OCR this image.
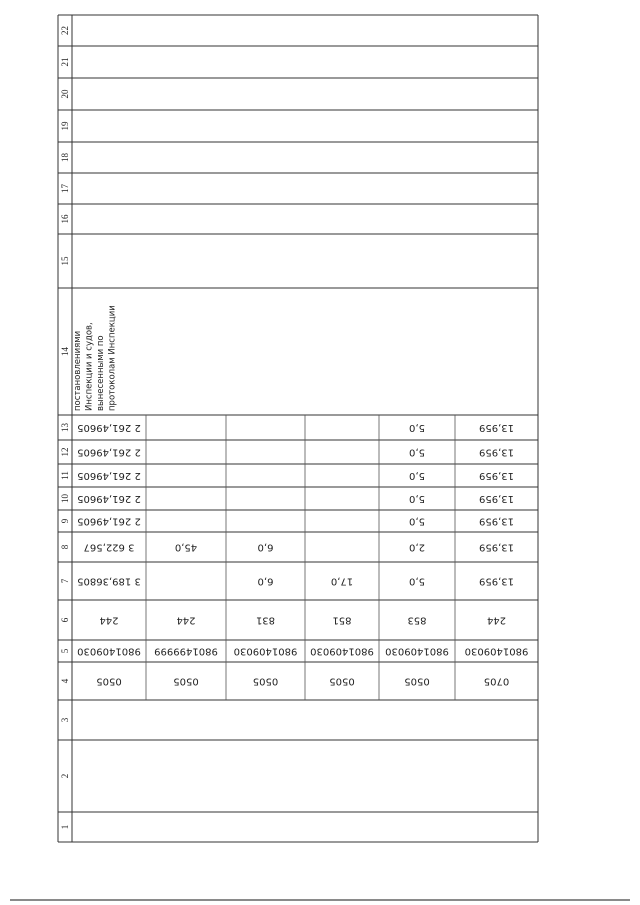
1
2
3
4
5
6
7
8
9
10
11
12
13
14
15
16
17
18
19
20
21
22
постановлениями Инспекции и судов, вынесенными по протоколам Инспекции
0505
9801409030
244
3 189,36805
3 622,567
2 261,49605
2 261,49605
2 261,49605
2 261,49605
2 261,49605
0505
9801499999
244
45,0
0505
9801409030
831
6,0
6,0
0505
9801409030
851
17,0
0505
9801409030
853
5,0
2,0
5,0
5,0
5,0
5,0
5,0
0705
9801409030
244
13,959
13,959
13,959
13,959
13,959
13,959
13,959
